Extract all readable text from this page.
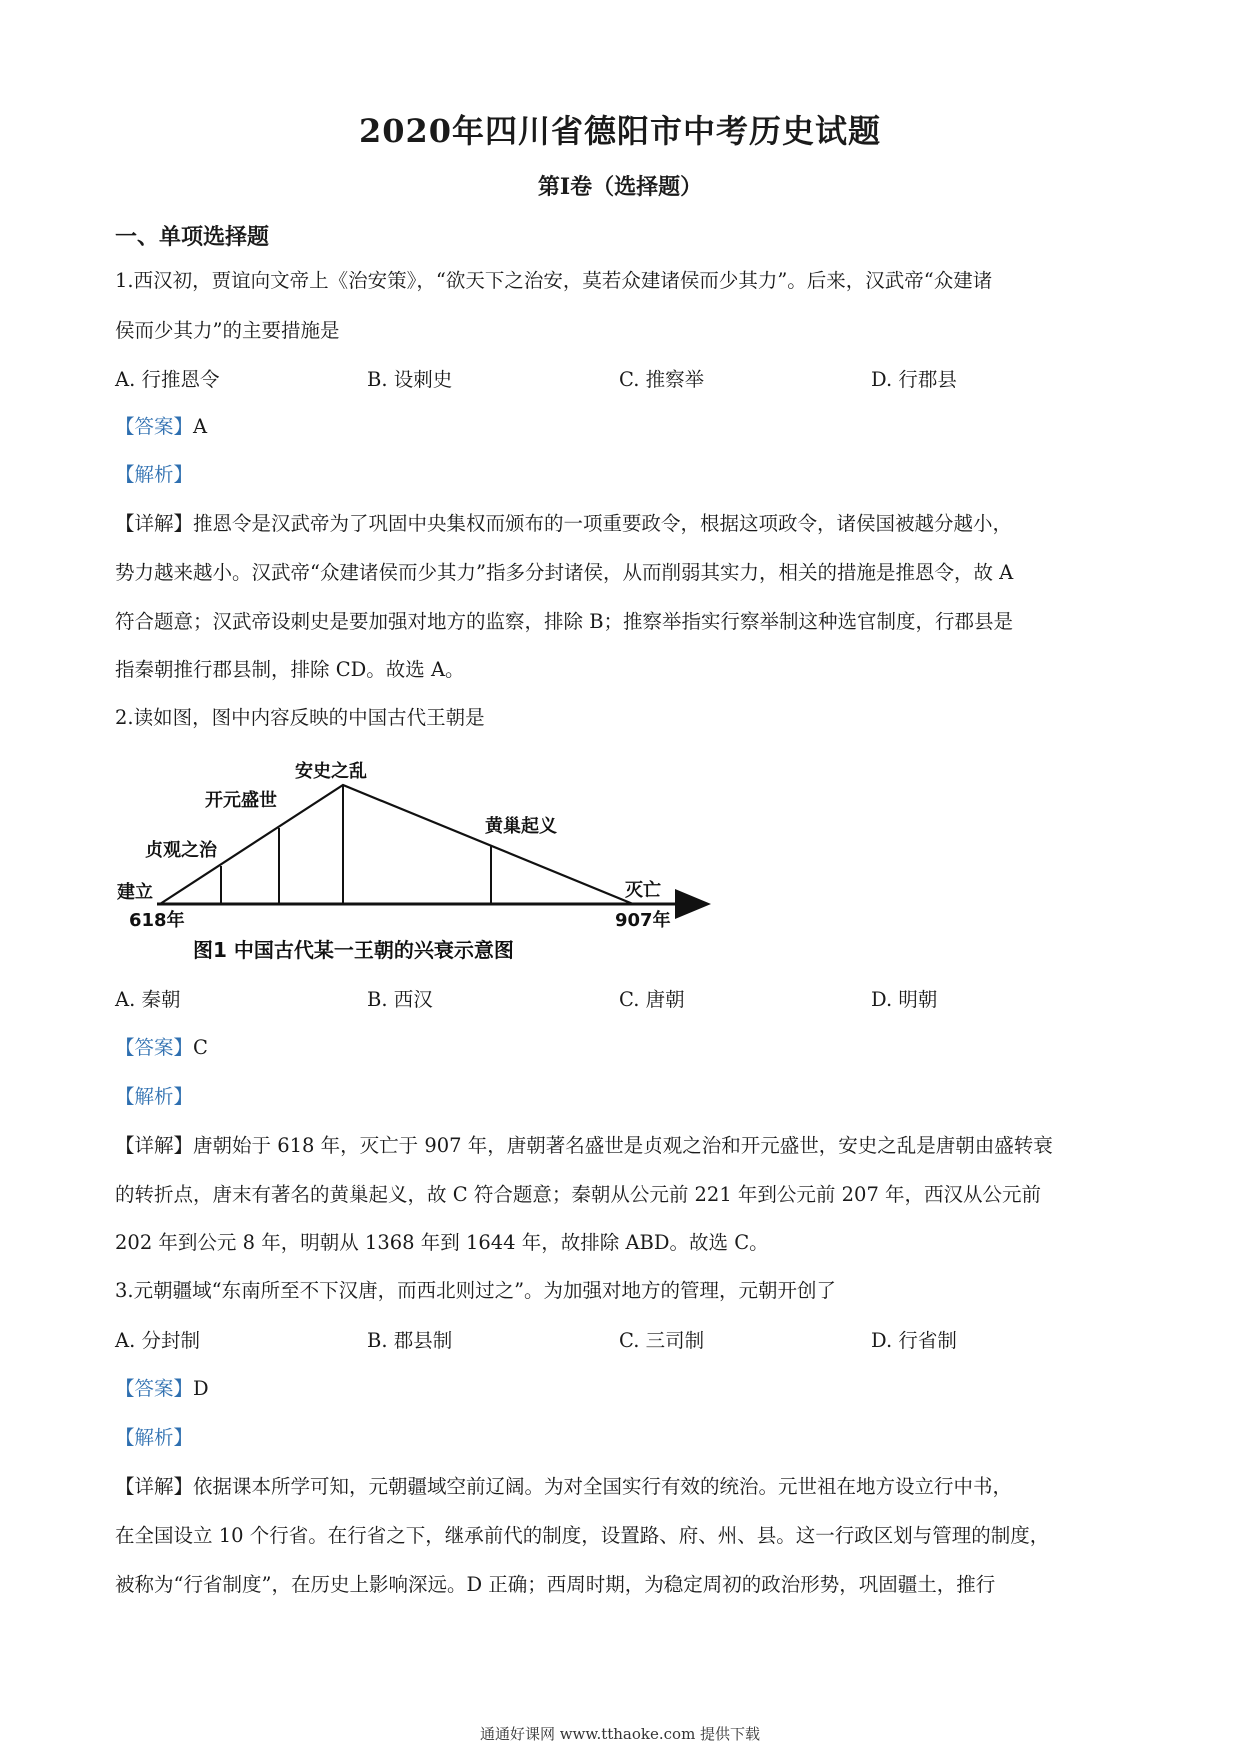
2020年四川省德阳市中考历史试题
第Ⅰ卷（选择题）
一、单项选择题
1.西汉初，贾谊向文帝上《治安策》，“欲天下之治安，莫若众建诸侯而少其力”。后来，汉武帝“众建诸
侯而少其力”的主要措施是
A. 行推恩令	B. 设刺史	C. 推察举	D. 行郡县
【答案】A
【解析】
【详解】推恩令是汉武帝为了巩固中央集权而颁布的一项重要政令，根据这项政令，诸侯国被越分越小，
势力越来越小。汉武帝“众建诸侯而少其力”指多分封诸侯，从而削弱其实力，相关的措施是推恩令，故 A
符合题意；汉武帝设刺史是要加强对地方的监察，排除 B；推察举指实行察举制这种选官制度，行郡县是
指秦朝推行郡县制，排除 CD。故选 A。
2.读如图，图中内容反映的中国古代王朝是
建立
贞观之治
开元盛世
安史之乱
黄巢起义
灭亡
618年	907年
图1 中国古代某一王朝的兴衰示意图
A. 秦朝	B. 西汉	C. 唐朝	D. 明朝
【答案】C
【解析】
【详解】唐朝始于 618 年，灭亡于 907 年，唐朝著名盛世是贞观之治和开元盛世，安史之乱是唐朝由盛转衰
的转折点，唐末有著名的黄巢起义，故 C 符合题意；秦朝从公元前 221 年到公元前 207 年，西汉从公元前
202 年到公元 8 年，明朝从 1368 年到 1644 年，故排除 ABD。故选 C。
3.元朝疆域“东南所至不下汉唐，而西北则过之”。为加强对地方的管理，元朝开创了
A. 分封制	B. 郡县制	C. 三司制	D. 行省制
【答案】D
【解析】
【详解】依据课本所学可知，元朝疆域空前辽阔。为对全国实行有效的统治。元世祖在地方设立行中书，
在全国设立 10 个行省。在行省之下，继承前代的制度，设置路、府、州、县。这一行政区划与管理的制度，
被称为“行省制度”，在历史上影响深远。D 正确；西周时期，为稳定周初的政治形势，巩固疆土，推行
通通好课网 www.tthaoke.com 提供下载
